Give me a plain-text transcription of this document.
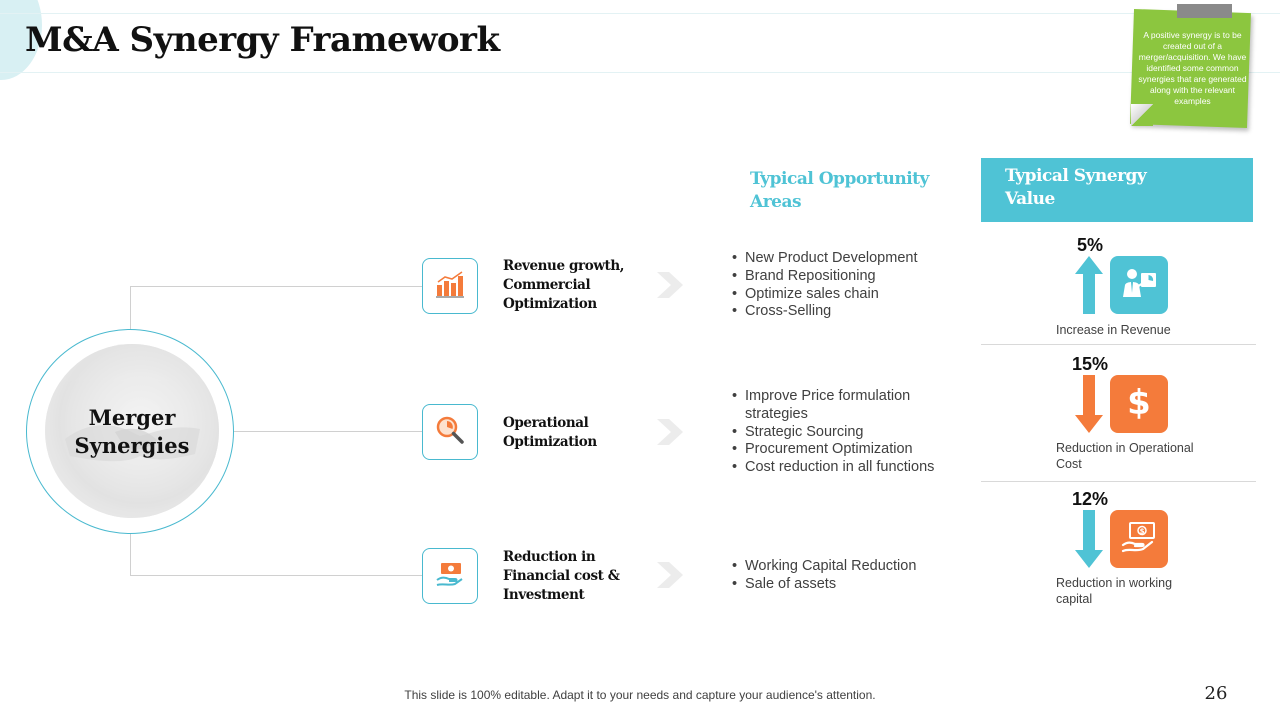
M&A Synergy Framework	A positive synergy is to be created out of a merger/acquisition. We have identified some common synergies that are generated along with the relevant examples
Merger Synergies
Revenue growth, Commercial Optimization
Operational Optimization
Reduction in Financial cost & Investment
Typical Opportunity Areas
Typical Synergy Value
• New Product Development
• Brand Repositioning
• Optimize sales chain
• Cross-Selling
• Improve Price formulation strategies
• Strategic Sourcing
• Procurement Optimization
• Cost reduction in all functions
• Working Capital Reduction
• Sale of assets
5%
Increase in Revenue
15%
$
Reduction in Operational Cost
12%
$
Reduction in working capital
This slide is 100% editable. Adapt it to your needs and capture your audience's attention.	26
